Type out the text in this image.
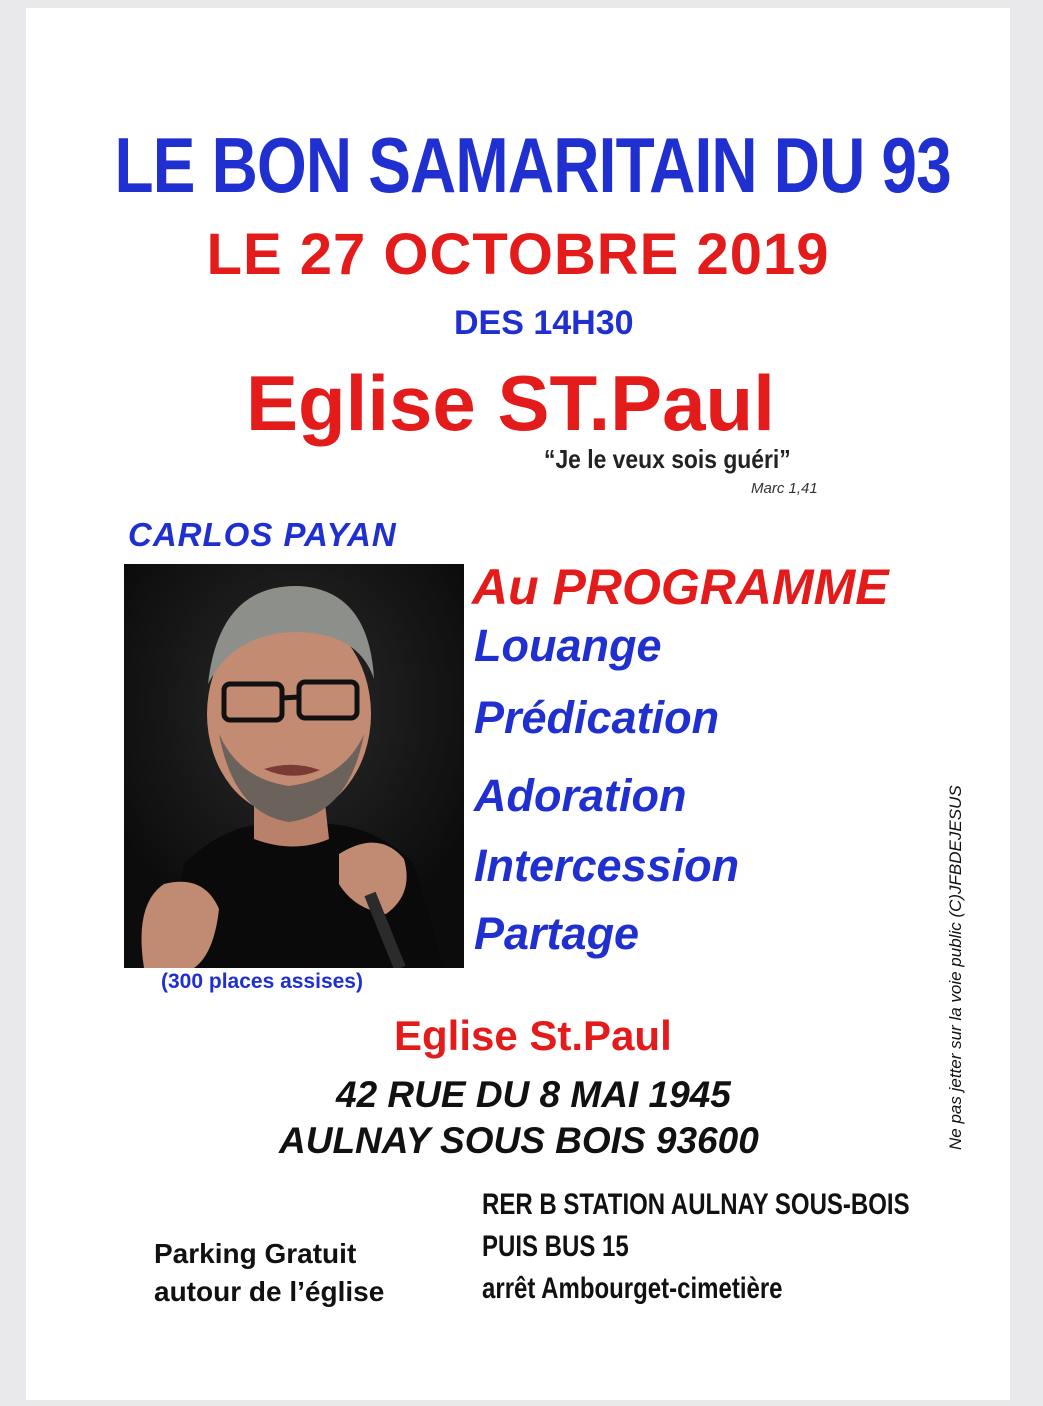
LE BON SAMARITAIN DU 93
LE 27 OCTOBRE 2019
DES 14H30
Eglise ST.Paul
“Je le veux sois guéri”
Marc 1,41
CARLOS PAYAN
(300 places assises)
Au PROGRAMME
Louange
Prédication
Adoration
Intercession
Partage
Eglise St.Paul
42 RUE DU 8 MAI 1945
AULNAY SOUS BOIS 93600
Parking Gratuit
autour de l’église
RER B STATION AULNAY SOUS-BOIS
PUIS BUS 15
arrêt Ambourget-cimetière
Ne pas jetter sur la voie public (C)JFBDEJESUS
